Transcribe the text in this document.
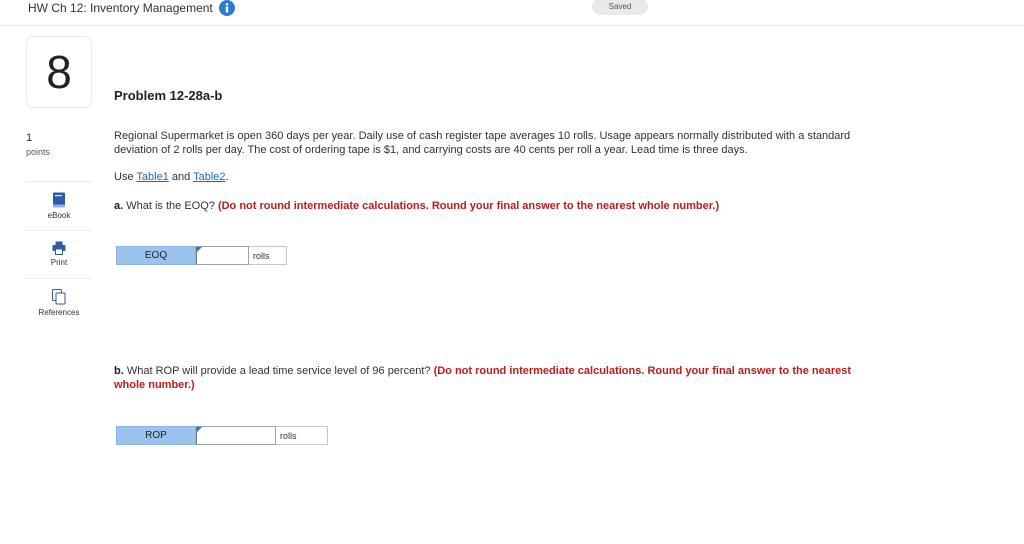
HW Ch 12: Inventory Management	Saved
8
1
points
eBook
Print
References
Problem 12-28a-b
Regional Supermarket is open 360 days per year. Daily use of cash register tape averages 10 rolls. Usage appears normally distributed with a standard deviation of 2 rolls per day. The cost of ordering tape is $1, and carrying costs are 40 cents per roll a year. Lead time is three days.
Use Table1 and Table2.
a. What is the EOQ? (Do not round intermediate calculations. Round your final answer to the nearest whole number.)
EOQ	rolls
b. What ROP will provide a lead time service level of 96 percent? (Do not round intermediate calculations. Round your final answer to the nearest whole number.)
ROP	rolls
